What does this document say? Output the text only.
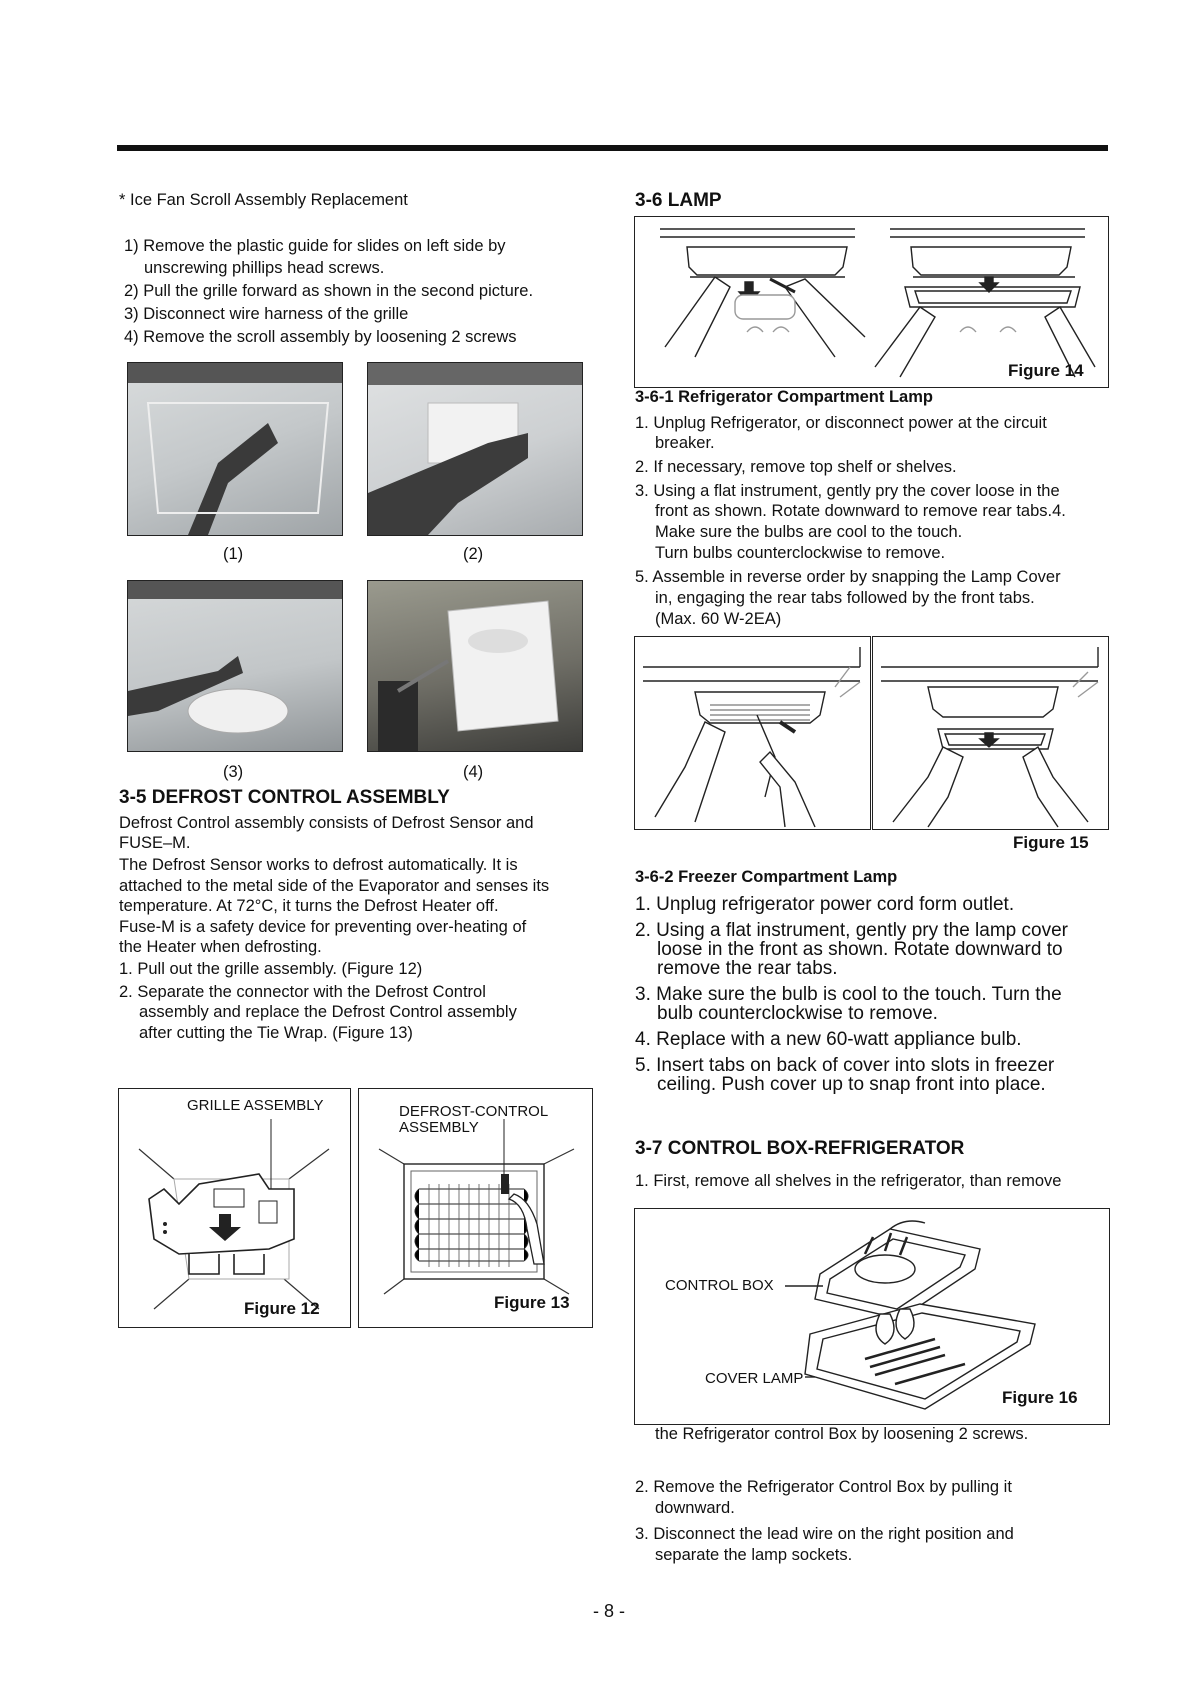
* Ice Fan Scroll Assembly Replacement
1) Remove the plastic guide for slides on left side by
unscrewing phillips head screws.
2) Pull the grille forward as shown in the second picture.
3) Disconnect wire harness of the grille
4) Remove the scroll assembly by loosening 2 screws
(1)	(2)
(3)	(4)
3-5 DEFROST CONTROL ASSEMBLY
Defrost Control assembly consists of Defrost Sensor and
FUSE–M.
The Defrost Sensor works to defrost automatically. It is
attached to the metal side of the Evaporator and senses its
temperature. At 72°C, it turns the Defrost Heater off.
Fuse-M is a safety device for preventing over-heating of
the Heater when defrosting.
1. Pull out the grille assembly. (Figure 12)
2. Separate the connector with the Defrost Control
assembly and replace the Defrost Control assembly
after cutting the Tie Wrap. (Figure 13)
GRILLE ASSEMBLY
Figure 12
DEFROST-CONTROL
ASSEMBLY
Figure 13
3-6 LAMP
Figure 14
3-6-1 Refrigerator Compartment Lamp
1. Unplug Refrigerator, or disconnect power at the circuit
breaker.
2. If necessary, remove top shelf or shelves.
3. Using a flat instrument, gently pry the cover loose in the
front as shown. Rotate downward to remove rear tabs.4.
Make sure the bulbs are cool to the touch.
Turn bulbs counterclockwise to remove.
5. Assemble in reverse order by snapping the Lamp Cover
in, engaging the rear tabs followed by the front tabs.
(Max. 60 W-2EA)
Figure 15
3-6-2 Freezer Compartment Lamp
1. Unplug refrigerator power cord form outlet.
2. Using a flat instrument, gently pry the lamp cover
loose in the front as shown. Rotate downward to
remove the rear tabs.
3. Make sure the bulb is cool to the touch. Turn the
bulb counterclockwise to remove.
4. Replace with a new 60-watt appliance bulb.
5. Insert tabs on back of cover into slots in freezer
ceiling. Push cover up to snap front into place.
3-7 CONTROL BOX-REFRIGERATOR
1. First, remove all shelves in the refrigerator, than remove
CONTROL BOX
COVER LAMP
Figure 16
the Refrigerator control Box by loosening 2 screws.
2. Remove the Refrigerator Control Box by pulling it
downward.
3. Disconnect the lead wire on the right position and
separate the lamp sockets.
- 8 -
